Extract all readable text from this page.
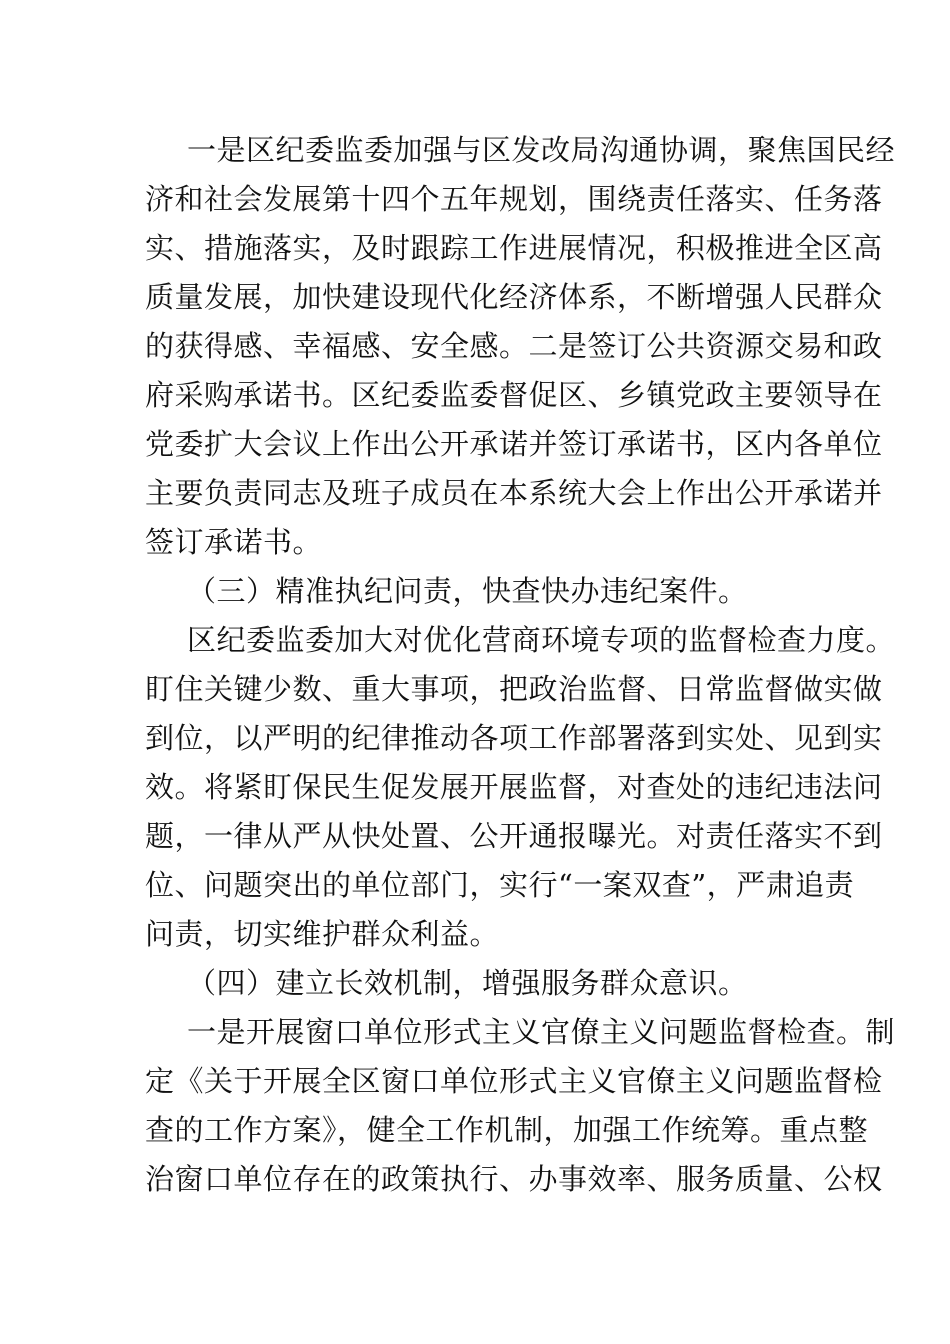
一是区纪委监委加强与区发改局沟通协调，聚焦国民经
济和社会发展第十四个五年规划，围绕责任落实、任务落
实、措施落实，及时跟踪工作进展情况，积极推进全区高
质量发展，加快建设现代化经济体系，不断增强人民群众
的获得感、幸福感、安全感。二是签订公共资源交易和政
府采购承诺书。区纪委监委督促区、乡镇党政主要领导在
党委扩大会议上作出公开承诺并签订承诺书，区内各单位
主要负责同志及班子成员在本系统大会上作出公开承诺并
签订承诺书。
（三）精准执纪问责，快查快办违纪案件。
区纪委监委加大对优化营商环境专项的监督检查力度。
盯住关键少数、重大事项，把政治监督、日常监督做实做
到位，以严明的纪律推动各项工作部署落到实处、见到实
效。将紧盯保民生促发展开展监督，对查处的违纪违法问
题，一律从严从快处置、公开通报曝光。对责任落实不到
位、问题突出的单位部门，实行“一案双查”，严肃追责
问责，切实维护群众利益。
（四）建立长效机制，增强服务群众意识。
一是开展窗口单位形式主义官僚主义问题监督检查。制
定《关于开展全区窗口单位形式主义官僚主义问题监督检
查的工作方案》，健全工作机制，加强工作统筹。重点整
治窗口单位存在的政策执行、办事效率、服务质量、公权
